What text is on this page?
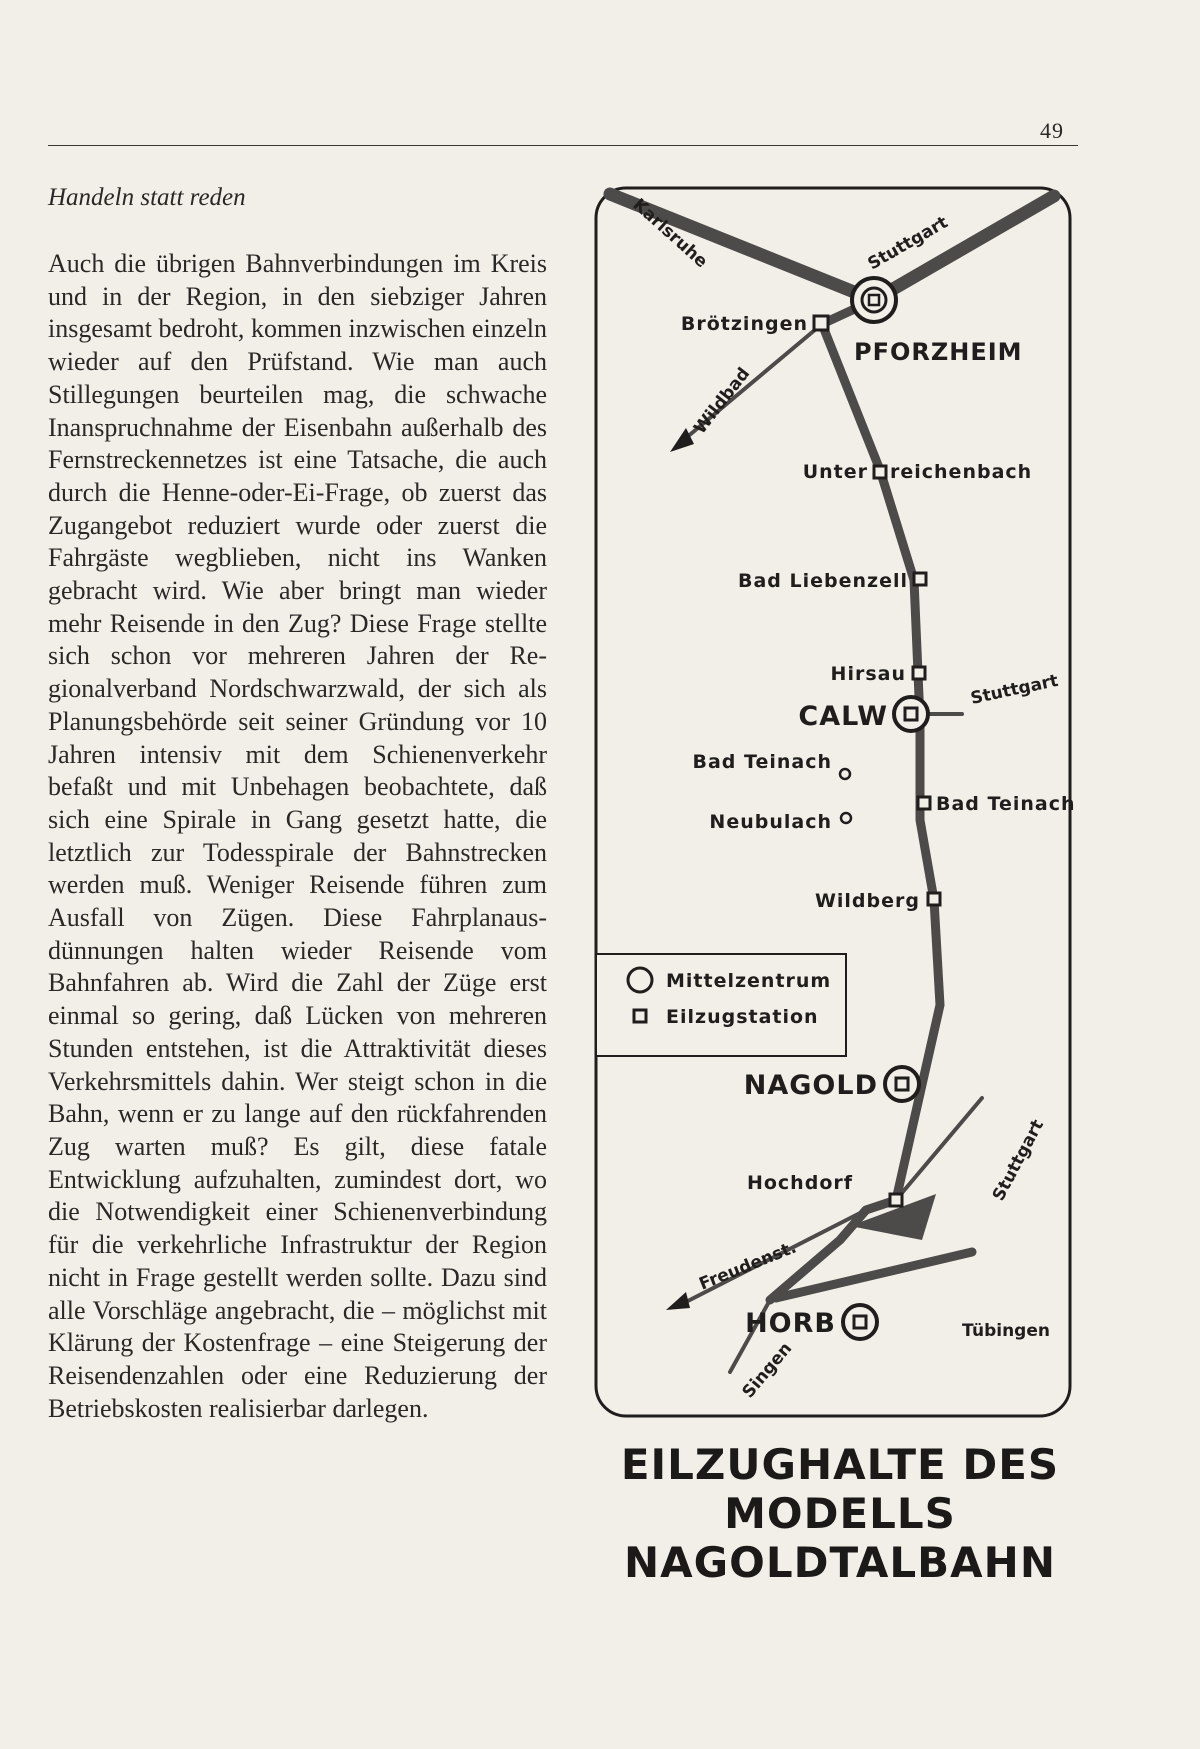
49
Handeln statt reden

Auch die übrigen Bahnverbindungen im Kreis und in der Region, in den siebziger Jahren insgesamt bedroht, kommen inzwischen einzeln wieder auf den Prüfstand. Wie man auch Stillegungen beurteilen mag, die schwache Inanspruchnahme der Eisenbahn außerhalb des Fernstreckennetzes ist eine Tatsache, die auch durch die Henne-oder-Ei-Frage, ob zuerst das Zugangebot reduziert wurde oder zuerst die Fahrgäste wegblieben, nicht ins Wanken gebracht wird. Wie aber bringt man wieder mehr Reisende in den Zug? Diese Frage stellte sich schon vor mehreren Jahren der Regionalverband Nordschwarzwald, der sich als Planungsbehörde seit seiner Gründung vor 10 Jahren intensiv mit dem Schienenverkehr befaßt und mit Unbehagen beobachtete, daß sich eine Spirale in Gang gesetzt hatte, die letztlich zur Todesspirale der Bahnstrecken werden muß. Weniger Reisende führen zum Ausfall von Zügen. Diese Fahrplanausdünnungen halten wieder Reisende vom Bahnfahren ab. Wird die Zahl der Züge erst einmal so gering, daß Lücken von mehreren Stunden entstehen, ist die Attraktivität dieses Verkehrsmittels dahin. Wer steigt schon in die Bahn, wenn er zu lange auf den rückfahrenden Zug warten muß? Es gilt, diese fatale Entwicklung aufzuhalten, zumindest dort, wo die Notwendigkeit einer Schienenverbindung für die verkehrliche Infrastruktur der Region nicht in Frage gestellt werden sollte. Dazu sind alle Vorschläge angebracht, die – möglichst mit Klärung der Kostenfrage – eine Steigerung der Reisendenzahlen oder eine Reduzierung der Betriebskosten realisierbar darlegen.

Karlsruhe	Stuttgart
Wildbad
Stuttgart
Stuttgart
Freudenst.
Tübingen
Singen
Brötzingen
PFORZHEIM
Unter reichenbach
Bad Liebenzell
Hirsau
CALW
Bad Teinach
Neubulach
Bad Teinach
Wildberg
NAGOLD
Hochdorf
HORB
Mittelzentrum
Eilzugstation
EILZUGHALTE DES
MODELLS
NAGOLDTALBAHN
